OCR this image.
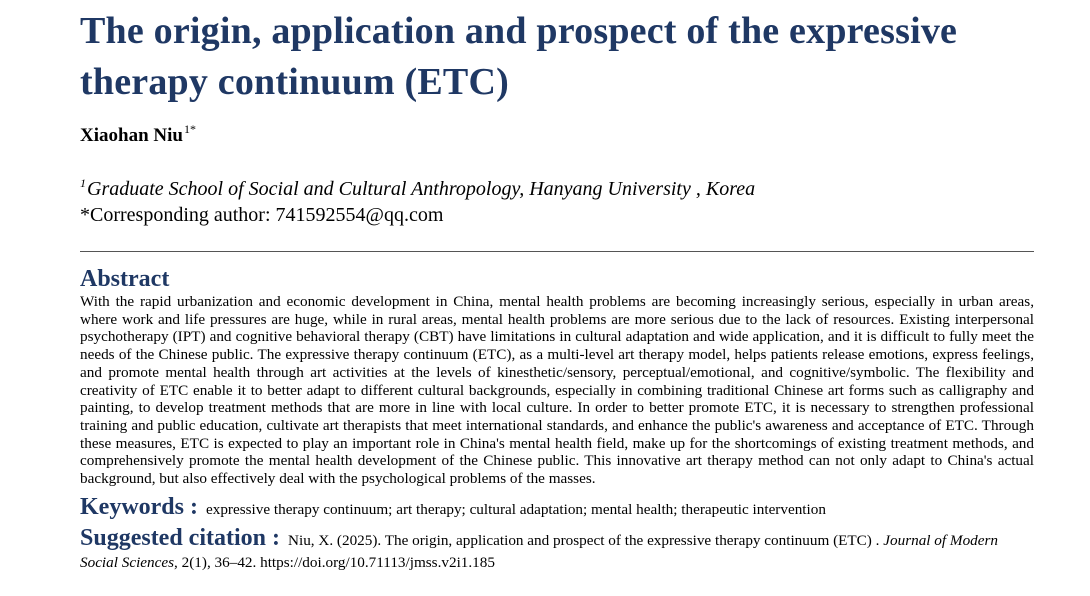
The origin, application and prospect of the expressive therapy continuum (ETC)
Xiaohan Niu$^{1*}$
$^1$Graduate School of Social and Cultural Anthropology, Hanyang University , Korea
*Corresponding author: 741592554@qq.com
Abstract

With the rapid urbanization and economic development in China, mental health problems are becoming increasingly serious, especially in urban areas, where work and life pressures are huge, while in rural areas, mental health problems are more serious due to the lack of resources. Existing interpersonal psychotherapy (IPT) and cognitive behavioral therapy (CBT) have limitations in cultural adaptation and wide application, and it is difficult to fully meet the needs of the Chinese public. The expressive therapy continuum (ETC), as a multi-level art therapy model, helps patients release emotions, express feelings, and promote mental health through art activities at the levels of kinesthetic/sensory, perceptual/emotional, and cognitive/symbolic. The flexibility and creativity of ETC enable it to better adapt to different cultural backgrounds, especially in combining traditional Chinese art forms such as calligraphy and painting, to develop treatment methods that are more in line with local culture. In order to better promote ETC, it is necessary to strengthen professional training and public education, cultivate art therapists that meet international standards, and enhance the public's awareness and acceptance of ETC. Through these measures, ETC is expected to play an important role in China's mental health field, make up for the shortcomings of existing treatment methods, and comprehensively promote the mental health development of the Chinese public. This innovative art therapy method can not only adapt to China's actual background, but also effectively deal with the psychological problems of the masses.

Keywords : expressive therapy continuum; art therapy; cultural adaptation; mental health; therapeutic intervention
Suggested citation : Niu, X. (2025). The origin, application and prospect of the expressive therapy continuum (ETC) . Journal of Modern Social Sciences, 2(1), 36–42. https://doi.org/10.71113/jmss.v2i1.185
